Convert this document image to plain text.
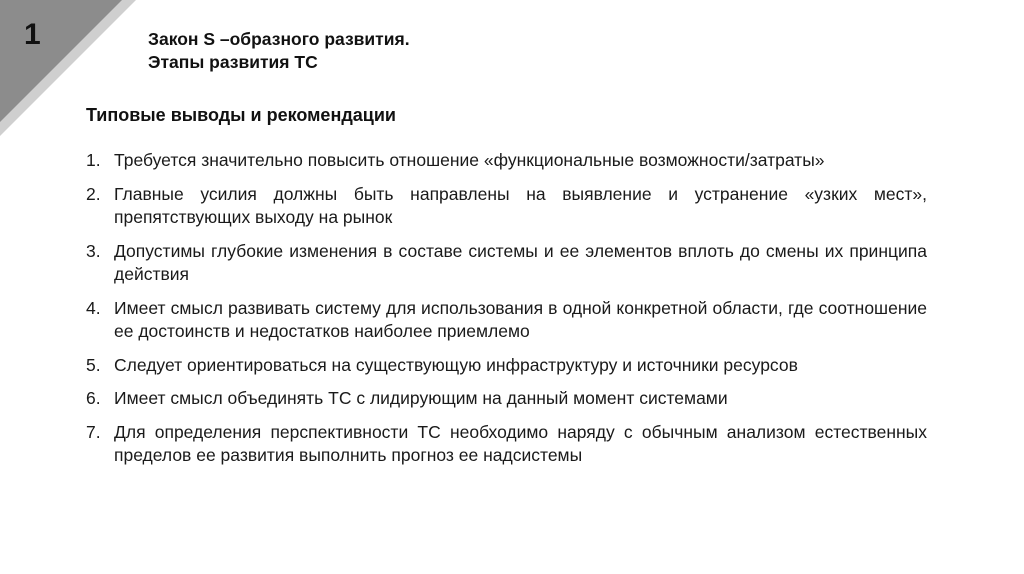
1	Закон S –образного развития.
Этапы развития ТС
Типовые выводы и рекомендации
1. Требуется значительно повысить отношение «функциональные возможности/затраты»
2. Главные усилия должны быть направлены на выявление и устранение «узких мест», препятствующих выходу на рынок
3. Допустимы глубокие изменения в составе системы и ее элементов вплоть до смены их принципа действия
4. Имеет смысл развивать систему для использования в одной конкретной области, где соотношение ее достоинств и недостатков наиболее приемлемо
5. Следует ориентироваться на существующую инфраструктуру и источники ресурсов
6. Имеет смысл объединять ТС с лидирующим на данный момент системами
7. Для определения перспективности ТС необходимо наряду с обычным анализом естественных пределов ее развития выполнить прогноз ее надсистемы
